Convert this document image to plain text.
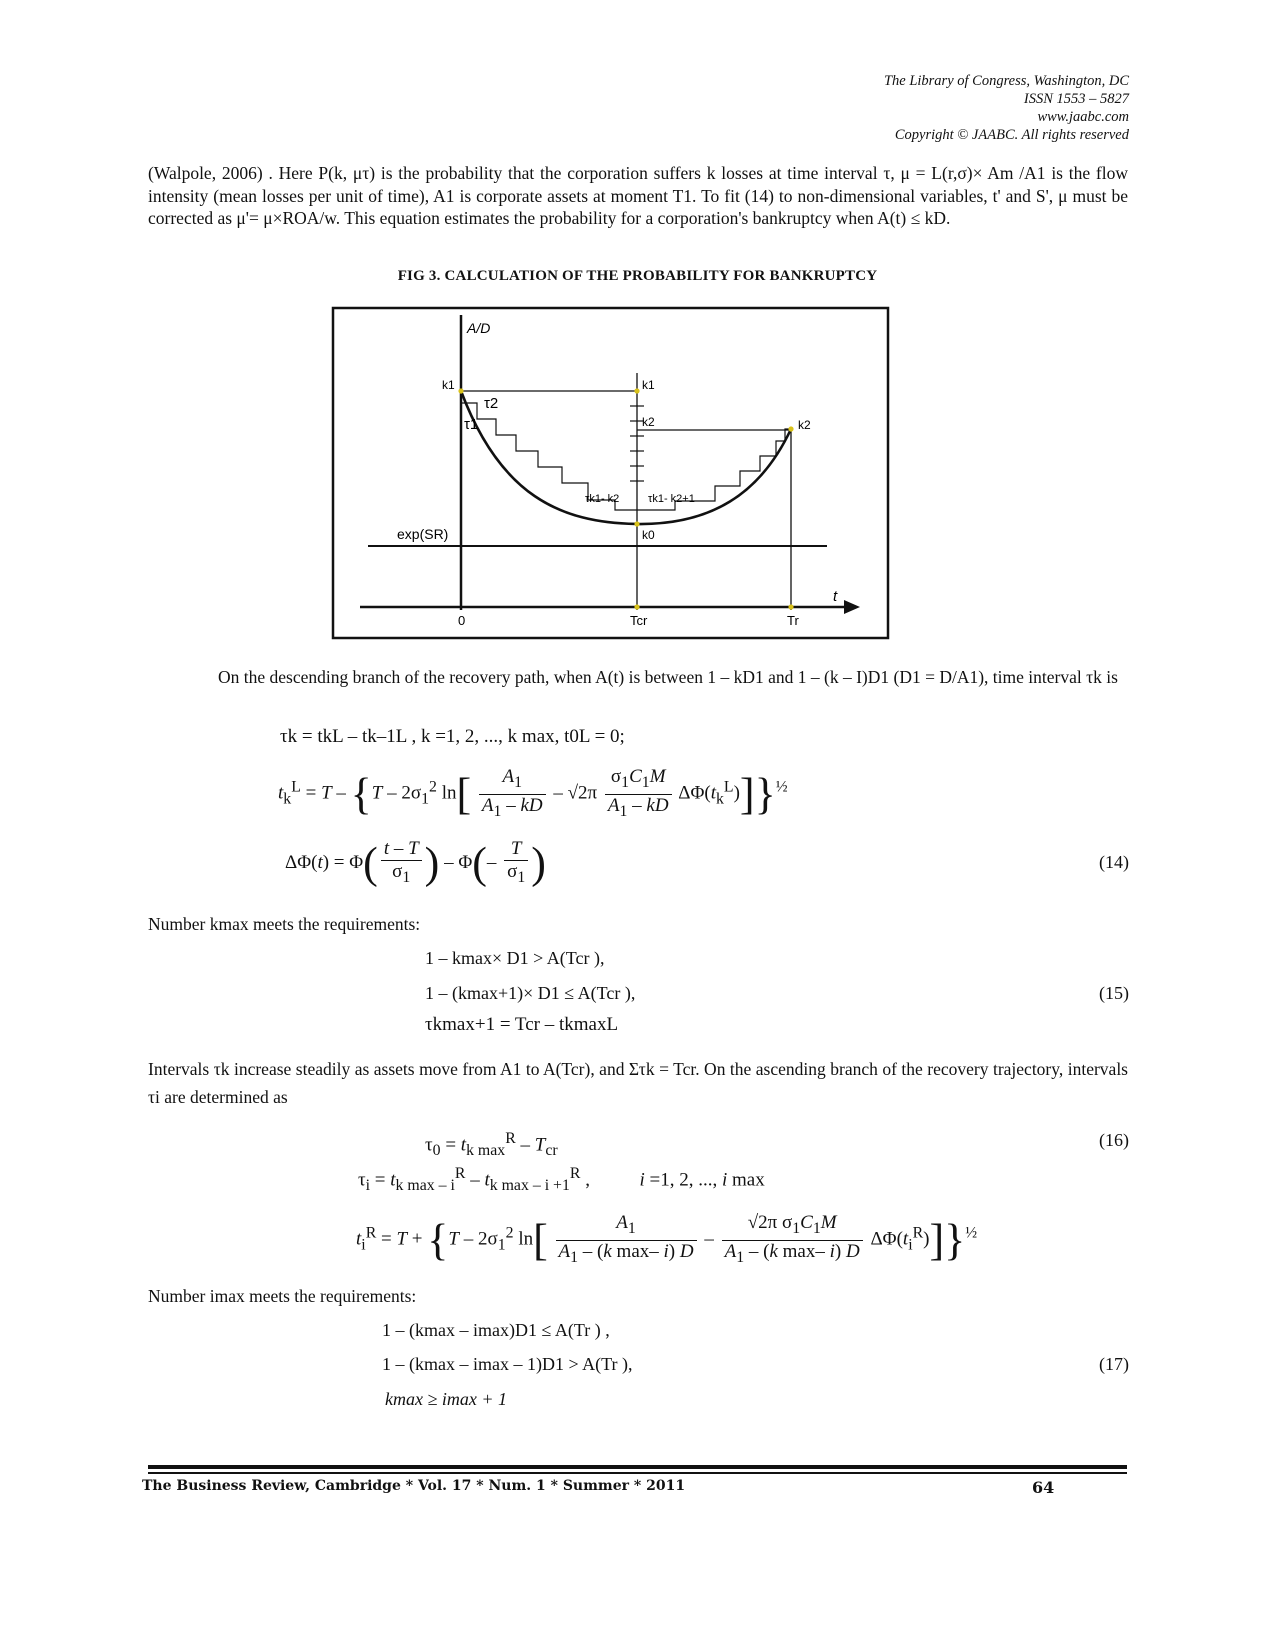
The Library of Congress, Washington, DC
ISSN 1553 – 5827
www.jaabc.com
Copyright © JAABC. All rights reserved
(Walpole, 2006) . Here P(k, μτ) is the probability that the corporation suffers k losses at time interval τ, μ = L(r,σ)× Am /A1 is the flow intensity (mean losses per unit of time), A1 is corporate assets at moment T1. To fit (14) to non-dimensional variables, t' and S', μ must be corrected as μ'= μ×ROA/w. This equation estimates the probability for a corporation's bankruptcy when A(t) ≤ kD.
FIG 3. CALCULATION OF THE PROBABILITY FOR BANKRUPTCY
A/D
t
exp(SR)
0	Tcr	Tr
k1	k1
k2	k2
k0
τ2
τ1
τk1- k2	τk1- k2+1
On the descending branch of the recovery path, when A(t) is between 1 – kD1 and 1 – (k – I)D1 (D1 = D/A1), time interval τk is
τk = tkL – tk–1L , k =1, 2, ..., k max, t0L = 0;
$t_k^L = T - \{T - 2\sigma_1^2$ $\ln[ \frac{A_1}{A_1 - kD} - √2\pi \frac{\sigma_1C_1M}{A_1 - kD} \Delta\Phi(t_k^L)]\}^{\frac{1}{2}}$
$\Delta\Phi(t) = \Phi( \frac{t - T}{\sigma_1}$ ) – $\Phi(- \frac{T}{\sigma_1}$ )	(14)
Number kmax meets the requirements:
1 – kmax× D1 > A(Tcr ),
1 – (kmax+1)× D1 ≤ A(Tcr ),
τkmax+1 = Tcr – tkmaxL
(15)
Intervals τk increase steadily as assets move from A1 to A(Tcr), and Στk = Tcr. On the ascending branch of the recovery trajectory, intervals τi are determined as
$\tau_0 = t_{k max}^R - T_{cr}$
(16)
$\tau_i = t_{k max - i}^R - t_{k max - i +1}^R$ ,  i =1, 2, ..., i max
$t_i^R = T + \{T - 2\sigma_1^2$ $\ln[ \frac{A_1}{A_1 - (k \max- i) D} - \frac{√2\pi \sigma_1C_1M}{A_1 - (k \max- i) D} \Delta\Phi(t_i^R)]\}^{\frac{1}{2}}$
Number imax meets the requirements:
1 – (kmax – imax)D1 ≤ A(Tr ) ,
1 – (kmax – imax – 1)D1 > A(Tr ),
kmax ≥ imax + 1
(17)
The Business Review, Cambridge * Vol. 17 * Num. 1 * Summer * 2011	64
